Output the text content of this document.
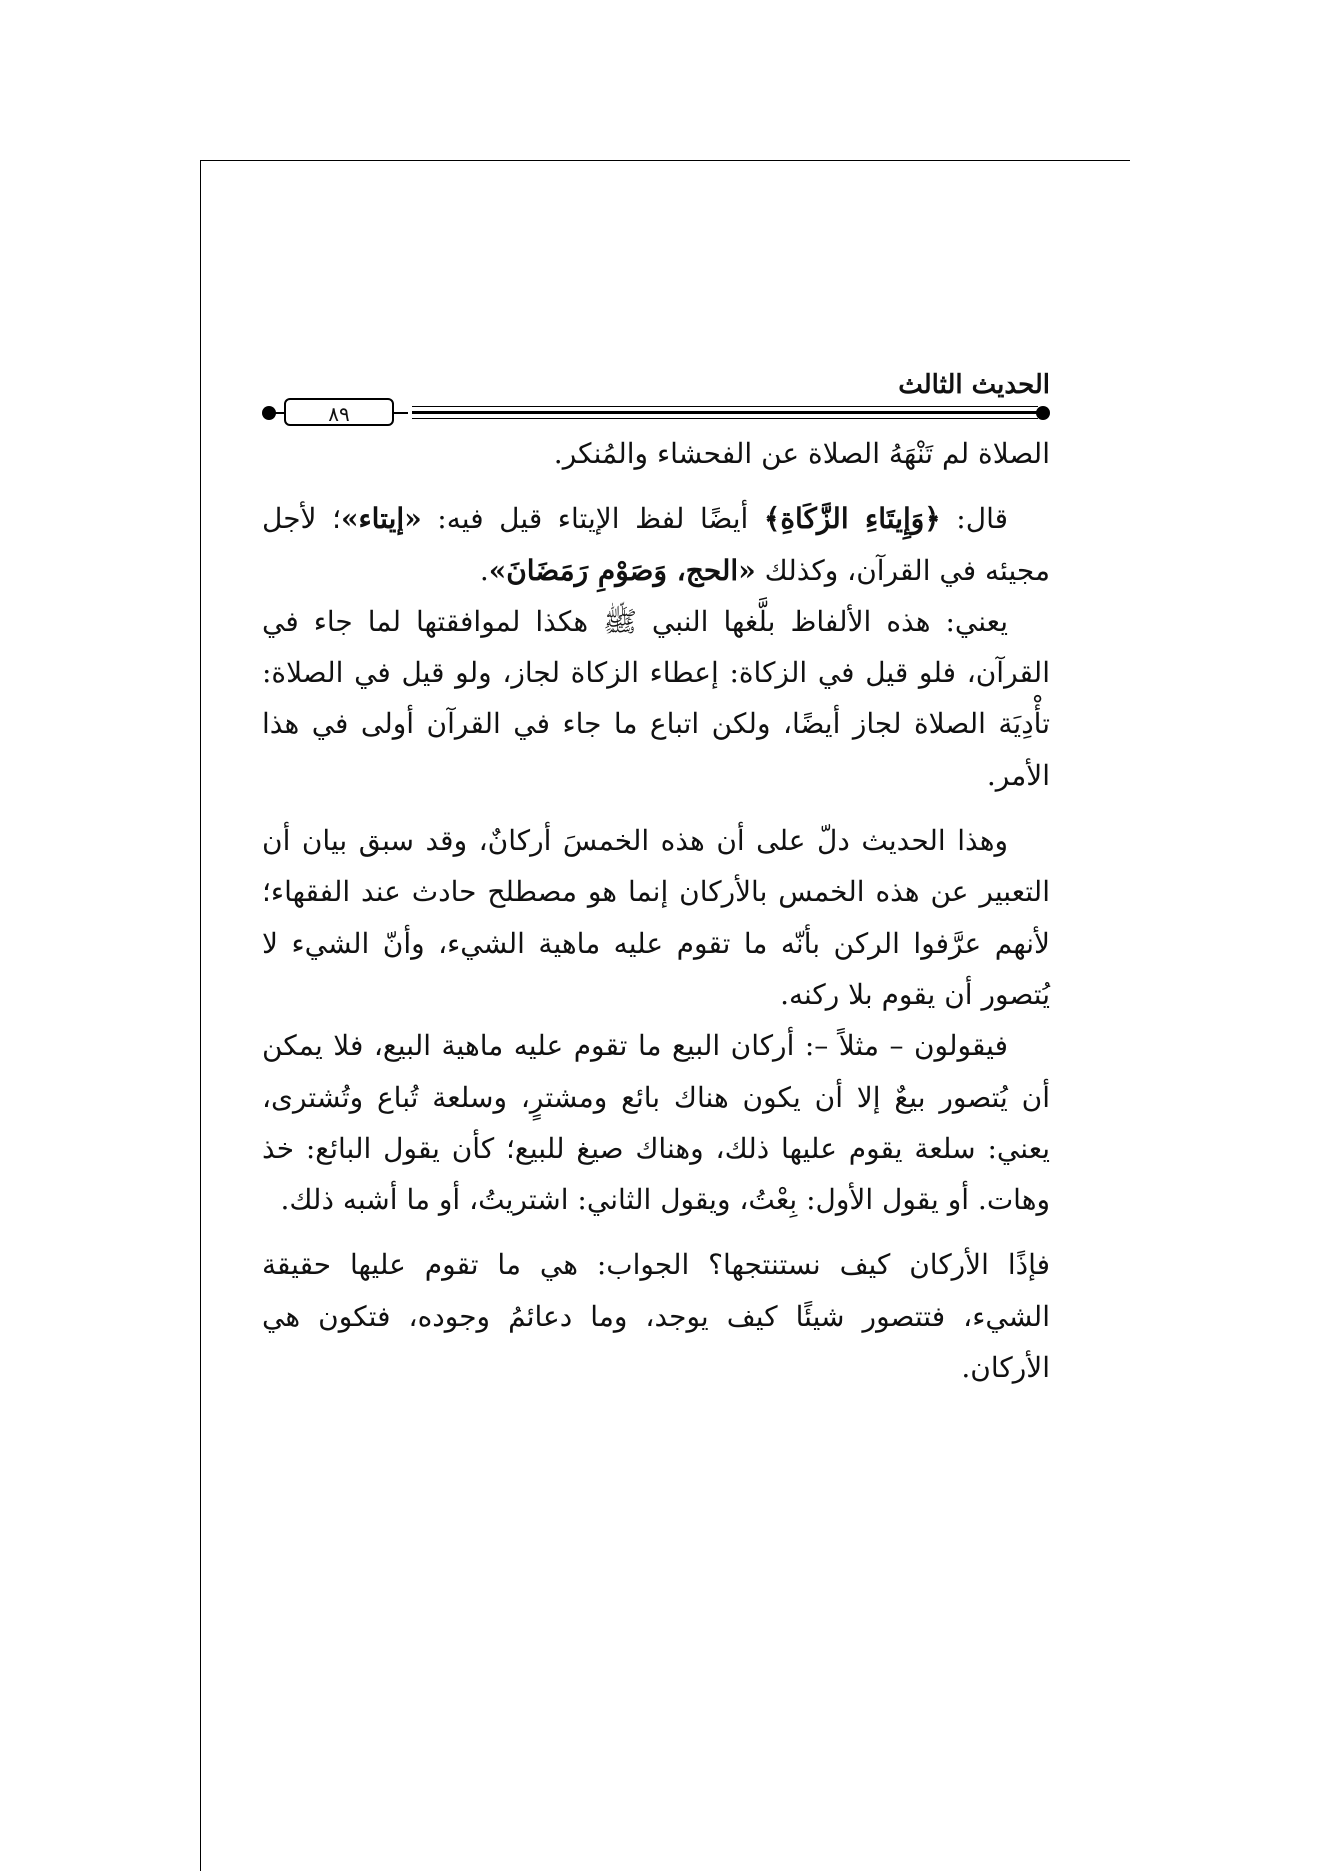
الحديث الثالث
٨٩

الصلاة لم تَنْهَهُ الصلاة عن الفحشاء والمُنكر.

قال: ﴿وَإِيتَاءِ الزَّكَاةِ﴾ أيضًا لفظ الإيتاء قيل فيه: «إيتاء»؛ لأجل مجيئه في القرآن، وكذلك «الحج، وَصَوْمِ رَمَضَانَ».

يعني: هذه الألفاظ بلَّغها النبي ﷺ هكذا لموافقتها لما جاء في القرآن، فلو قيل في الزكاة: إعطاء الزكاة لجاز، ولو قيل في الصلاة: تأْدِيَة الصلاة لجاز أيضًا، ولكن اتباع ما جاء في القرآن أولى في هذا الأمر.

وهذا الحديث دلّ على أن هذه الخمسَ أركانٌ، وقد سبق بيان أن التعبير عن هذه الخمس بالأركان إنما هو مصطلح حادث عند الفقهاء؛ لأنهم عرَّفوا الركن بأنّه ما تقوم عليه ماهية الشيء، وأنّ الشيء لا يُتصور أن يقوم بلا ركنه.

فيقولون – مثلاً –: أركان البيع ما تقوم عليه ماهية البيع، فلا يمكن أن يُتصور بيعٌ إلا أن يكون هناك بائع ومشترٍ، وسلعة تُباع وتُشترى، يعني: سلعة يقوم عليها ذلك، وهناك صيغ للبيع؛ كأن يقول البائع: خذ وهات. أو يقول الأول: بِعْتُ، ويقول الثاني: اشتريتُ، أو ما أشبه ذلك.

فإذًا الأركان كيف نستنتجها؟ الجواب: هي ما تقوم عليها حقيقة الشيء، فتتصور شيئًا كيف يوجد، وما دعائمُ وجوده، فتكون هي الأركان.
